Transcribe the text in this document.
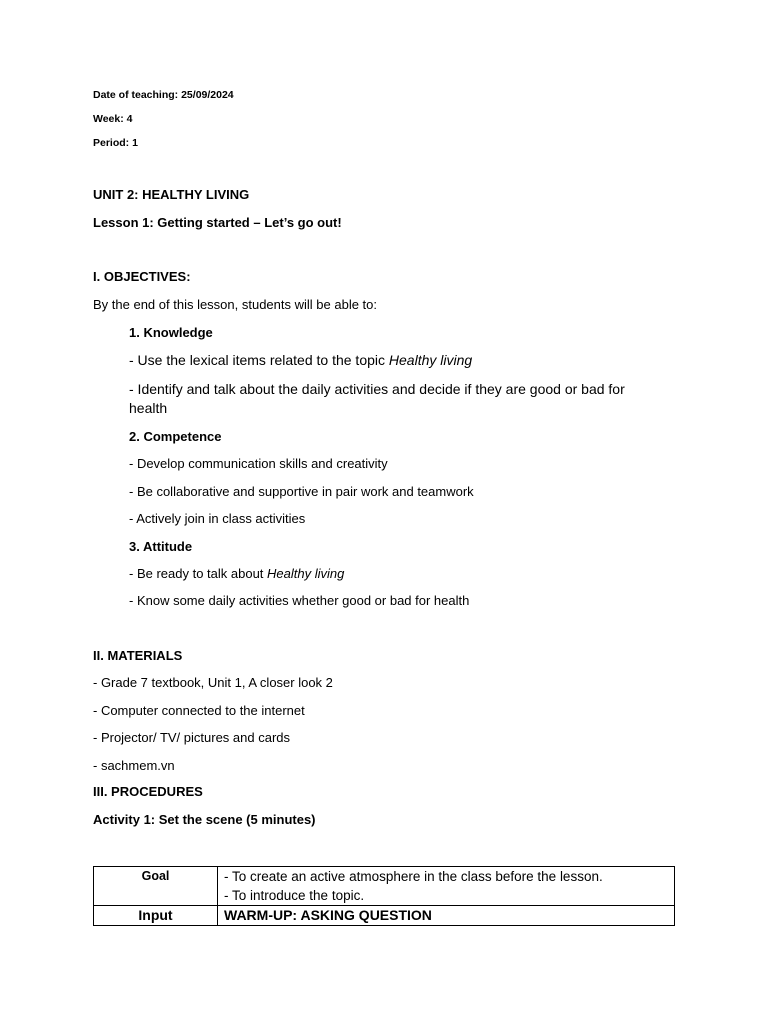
Date of teaching: 25/09/2024

Week: 4

Period: 1

UNIT 2: HEALTHY LIVING

Lesson 1: Getting started – Let’s go out!

I. OBJECTIVES:

By the end of this lesson, students will be able to:

1. Knowledge

- Use the lexical items related to the topic Healthy living

- Identify and talk about the daily activities and decide if they are good or bad for health

2. Competence

- Develop communication skills and creativity

- Be collaborative and supportive in pair work and teamwork

- Actively join in class activities

3. Attitude

- Be ready to talk about Healthy living

- Know some daily activities whether good or bad for health

II. MATERIALS

- Grade 7 textbook, Unit 1, A closer look 2

- Computer connected to the internet

- Projector/ TV/ pictures and cards

- sachmem.vn

III. PROCEDURES

Activity 1: Set the scene (5 minutes)

Goal	- To create an active atmosphere in the class before the lesson.
- To introduce the topic.

Input	WARM-UP: ASKING QUESTION
